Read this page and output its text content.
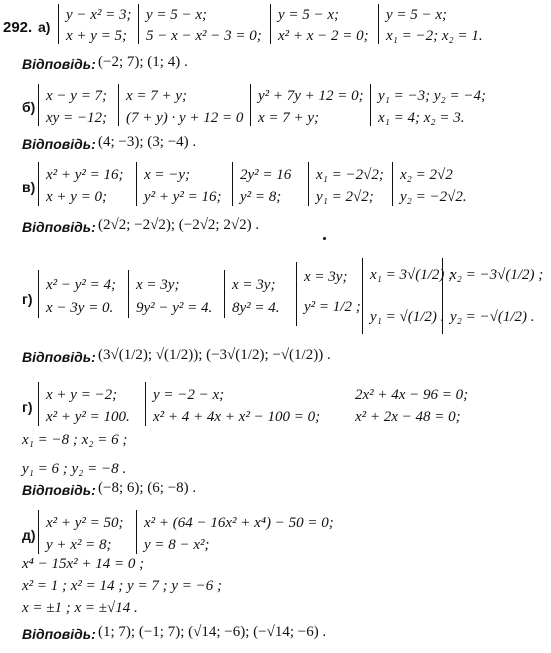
292. а)
y − x² = 3;
x + y = 5;
y = 5 − x;
5 − x − x² − 3 = 0;
y = 5 − x;
x² + x − 2 = 0;
y = 5 − x;
x₁ = −2; x₂ = 1.
Відповідь: (−2; 7); (1; 4) .
б)
x − y = 7;
xy = −12;
x = 7 + y;
(7 + y) · y + 12 = 0
y² + 7y + 12 = 0;
x = 7 + y;
y₁ = −3; y₂ = −4;
x₁ = 4; x₂ = 3.
Відповідь: (4; −3); (3; −4) .
в)
x² + y² = 16;
x + y = 0;
x = −y;
y² + y² = 16;
2y² = 16
y² = 8;
x₁ = −2√2;
y₁ = 2√2;
x₂ = 2√2
y₂ = −2√2.
Відповідь: (2√2; −2√2); (−2√2; 2√2) .
г)
x² − y² = 4;
x − 3y = 0.
x = 3y;
9y² − y² = 4.
x = 3y;
8y² = 4.
x = 3y;
y² = 1/2 ;
x₁ = 3√(1/2) ;
y₁ = √(1/2) .
x₂ = −3√(1/2) ;
y₂ = −√(1/2) .
Відповідь: (3√(1/2); √(1/2)); (−3√(1/2); −√(1/2)) .
г)
x + y = −2;
x² + y² = 100.
y = −2 − x;
x² + 4 + 4x + x² − 100 = 0;
2x² + 4x − 96 = 0;
x² + 2x − 48 = 0;
x₁ = −8 ; x₂ = 6 ;
y₁ = 6 ; y₂ = −8 .
Відповідь: (−8; 6); (6; −8) .
д)
x² + y² = 50;
y + x² = 8;
x² + (64 − 16x² + x⁴) − 50 = 0;
y = 8 − x²;
x⁴ − 15x² + 14 = 0 ;
x² = 1 ; x² = 14 ; y = 7 ; y = −6 ;
x = ±1 ; x = ±√14 .
Відповідь: (1; 7); (−1; 7); (√14; −6); (−√14; −6) .
